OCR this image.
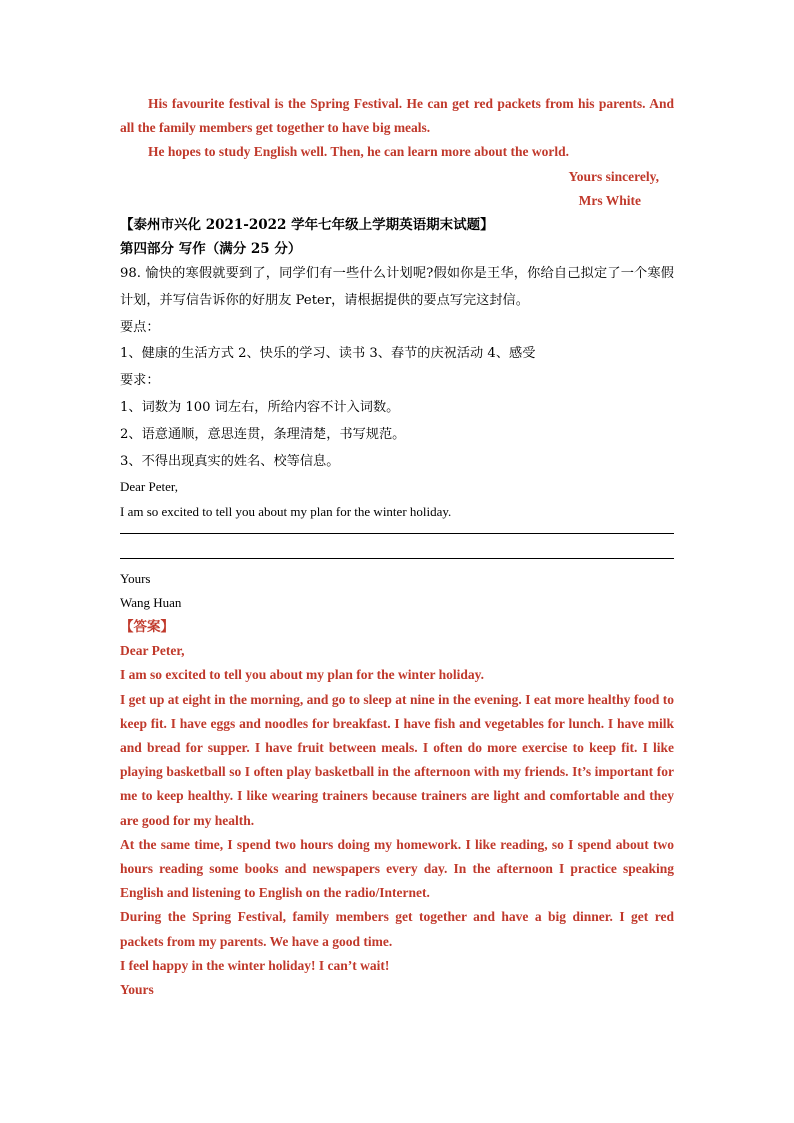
His favourite festival is the Spring Festival. He can get red packets from his parents. And all the family members get together to have big meals.

He hopes to study English well. Then, he can learn more about the world.

Yours sincerely,

Mrs White

【泰州市兴化 2021-2022 学年七年级上学期英语期末试题】

第四部分 写作（满分 25 分）

98. 愉快的寒假就要到了，同学们有一些什么计划呢?假如你是王华，你给自己拟定了一个寒假计划，并写信告诉你的好朋友 Peter，请根据提供的要点写完这封信。

要点：

1、健康的生活方式 2、快乐的学习、读书 3、春节的庆祝活动 4、感受

要求：

1、词数为 100 词左右，所给内容不计入词数。

2、语意通顺，意思连贯，条理清楚，书写规范。

3、不得出现真实的姓名、校等信息。

Dear Peter,

I am so excited to tell you about my plan for the winter holiday.

Yours

Wang Huan

【答案】

Dear Peter,

I am so excited to tell you about my plan for the winter holiday.

I get up at eight in the morning, and go to sleep at nine in the evening. I eat more healthy food to keep fit. I have eggs and noodles for breakfast. I have fish and vegetables for lunch. I have milk and bread for supper. I have fruit between meals. I often do more exercise to keep fit. I like playing basketball so I often play basketball in the afternoon with my friends. It’s important for me to keep healthy. I like wearing trainers because trainers are light and comfortable and they are good for my health.

At the same time, I spend two hours doing my homework. I like reading, so I spend about two hours reading some books and newspapers every day. In the afternoon I practice speaking English and listening to English on the radio/Internet.

During the Spring Festival, family members get together and have a big dinner. I get red packets from my parents. We have a good time.

I feel happy in the winter holiday! I can’t wait!

Yours
